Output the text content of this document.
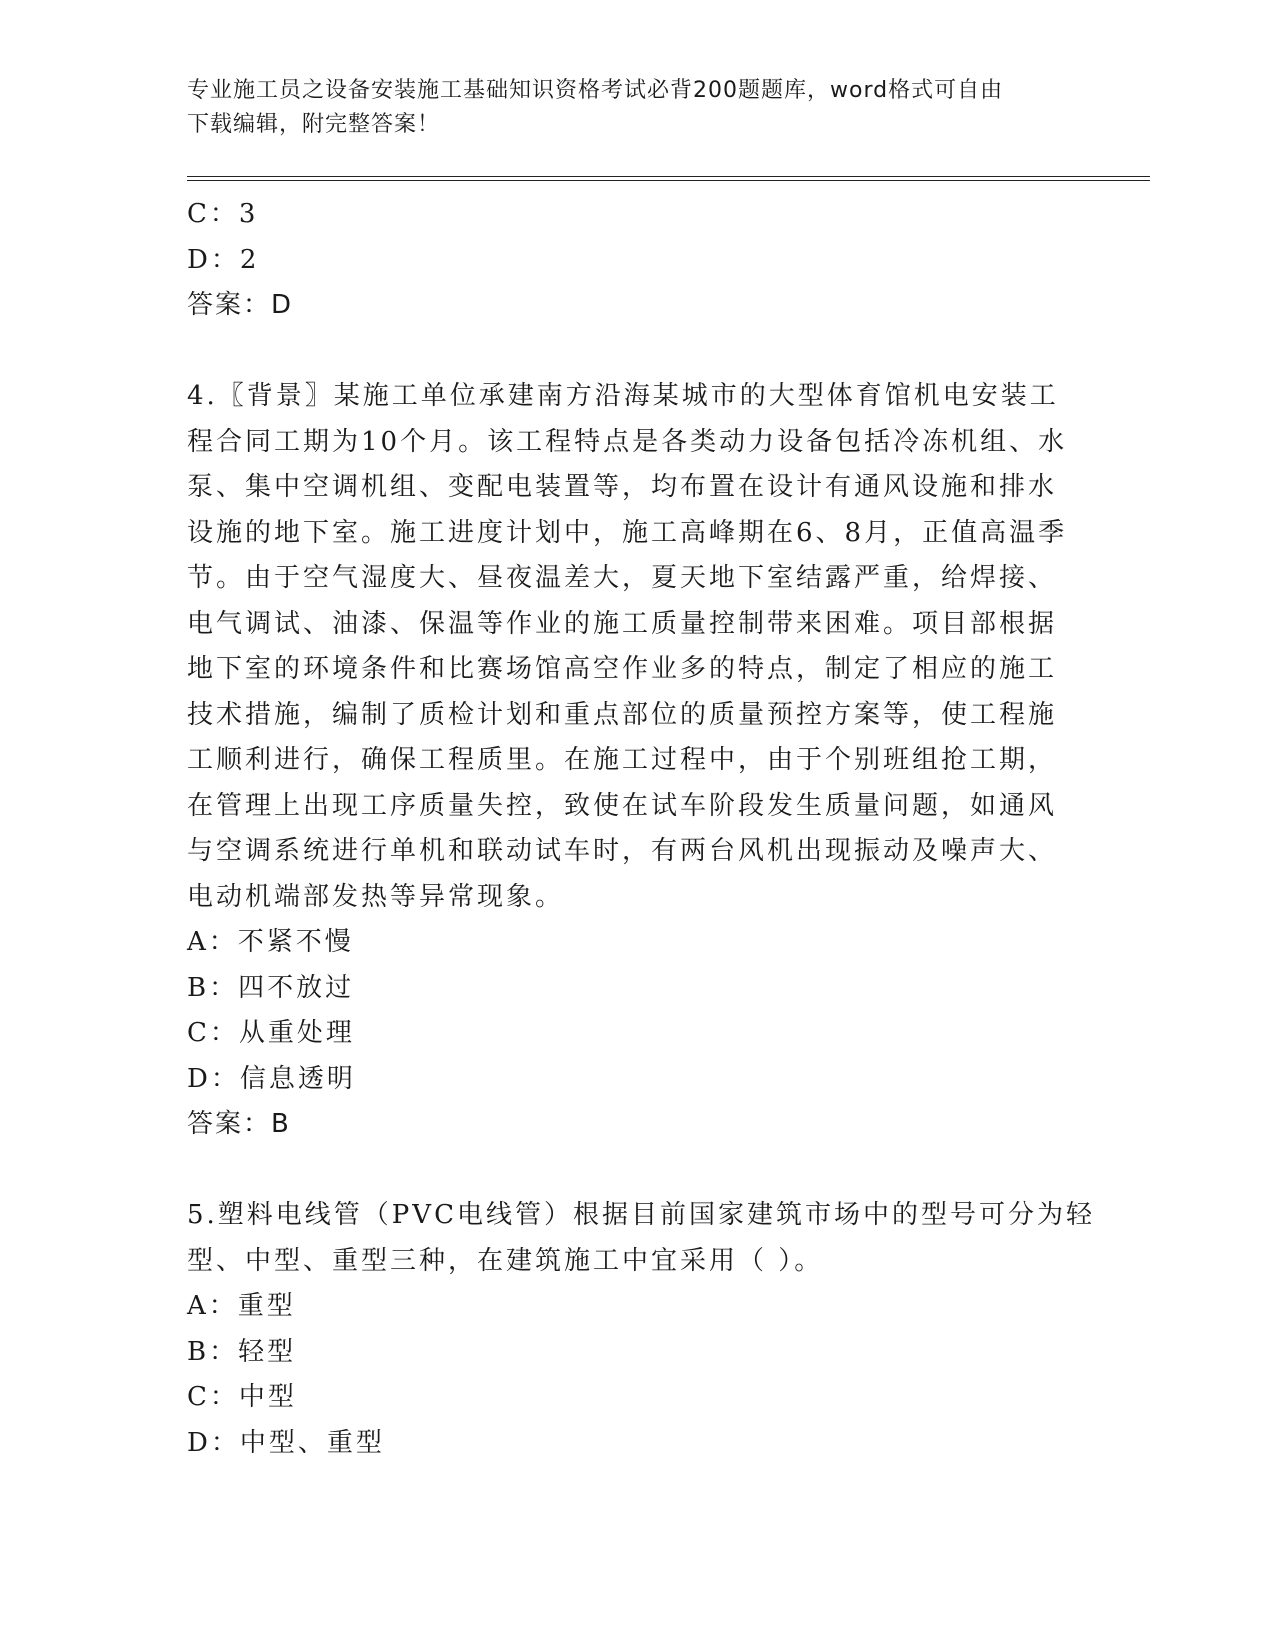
专业施工员之设备安装施工基础知识资格考试必背200题题库，word格式可自由
下载编辑，附完整答案！
C：3
D：2
答案：D
4.〖背景〗某施工单位承建南方沿海某城市的大型体育馆机电安装工
程合同工期为10个月。该工程特点是各类动力设备包括冷冻机组、水
泵、集中空调机组、变配电装置等，均布置在设计有通风设施和排水
设施的地下室。施工进度计划中，施工高峰期在6、8月，正值高温季
节。由于空气湿度大、昼夜温差大，夏天地下室结露严重，给焊接、
电气调试、油漆、保温等作业的施工质量控制带来困难。项目部根据
地下室的环境条件和比赛场馆高空作业多的特点，制定了相应的施工
技术措施，编制了质检计划和重点部位的质量预控方案等，使工程施
工顺利进行，确保工程质里。在施工过程中，由于个别班组抢工期，
在管理上出现工序质量失控，致使在试车阶段发生质量问题，如通风
与空调系统进行单机和联动试车时，有两台风机出现振动及噪声大、
电动机端部发热等异常现象。
A：不紧不慢
B：四不放过
C：从重处理
D：信息透明
答案：B
5.塑料电线管（PVC电线管）根据目前国家建筑市场中的型号可分为轻
型、中型、重型三种，在建筑施工中宜采用（ ）。
A：重型
B：轻型
C：中型
D：中型、重型
